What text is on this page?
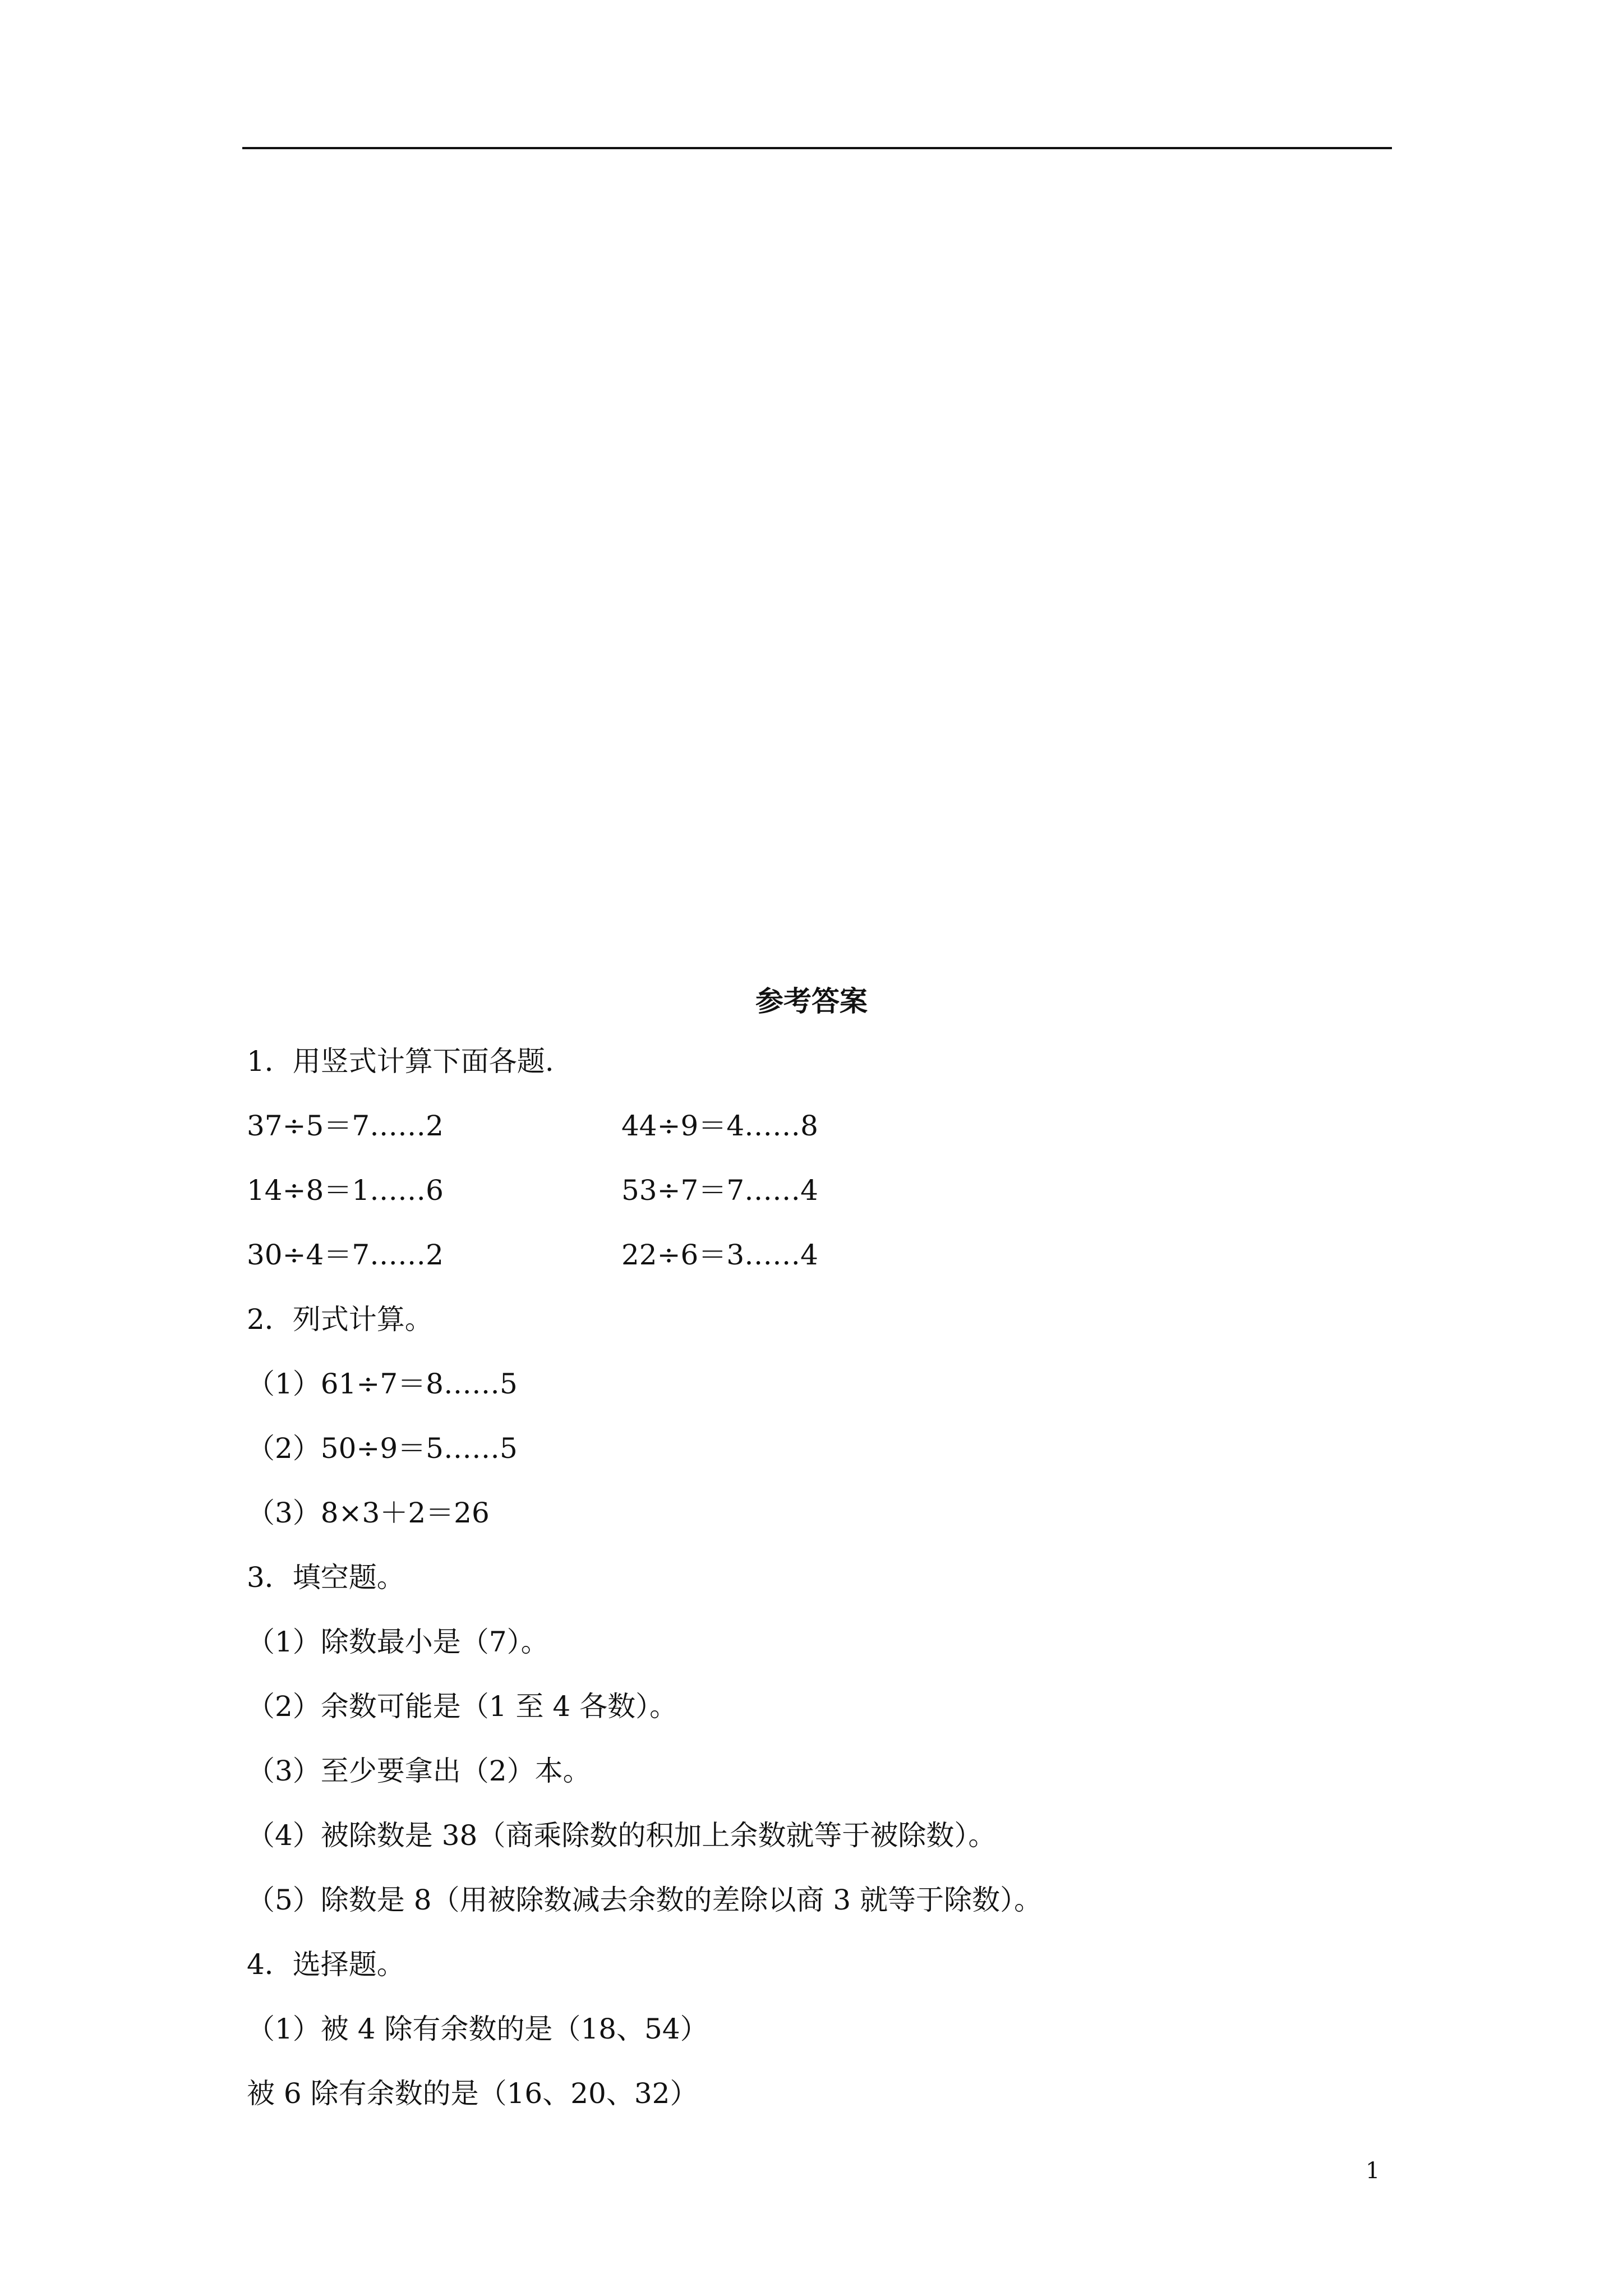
参考答案
1．用竖式计算下面各题.
37÷5＝7……2	44÷9＝4……8
14÷8＝1……6	53÷7＝7……4
30÷4＝7……2	22÷6＝3……4
2．列式计算。
（1）61÷7＝8……5
（2）50÷9＝5……5
（3）8×3＋2＝26
3．填空题。
（1）除数最小是（7）。
（2）余数可能是（1 至 4 各数）。
（3）至少要拿出（2）本。
（4）被除数是 38（商乘除数的积加上余数就等于被除数）。
（5）除数是 8（用被除数减去余数的差除以商 3 就等于除数）。
4．选择题。
（1）被 4 除有余数的是（18、54）
被 6 除有余数的是（16、20、32）
1
